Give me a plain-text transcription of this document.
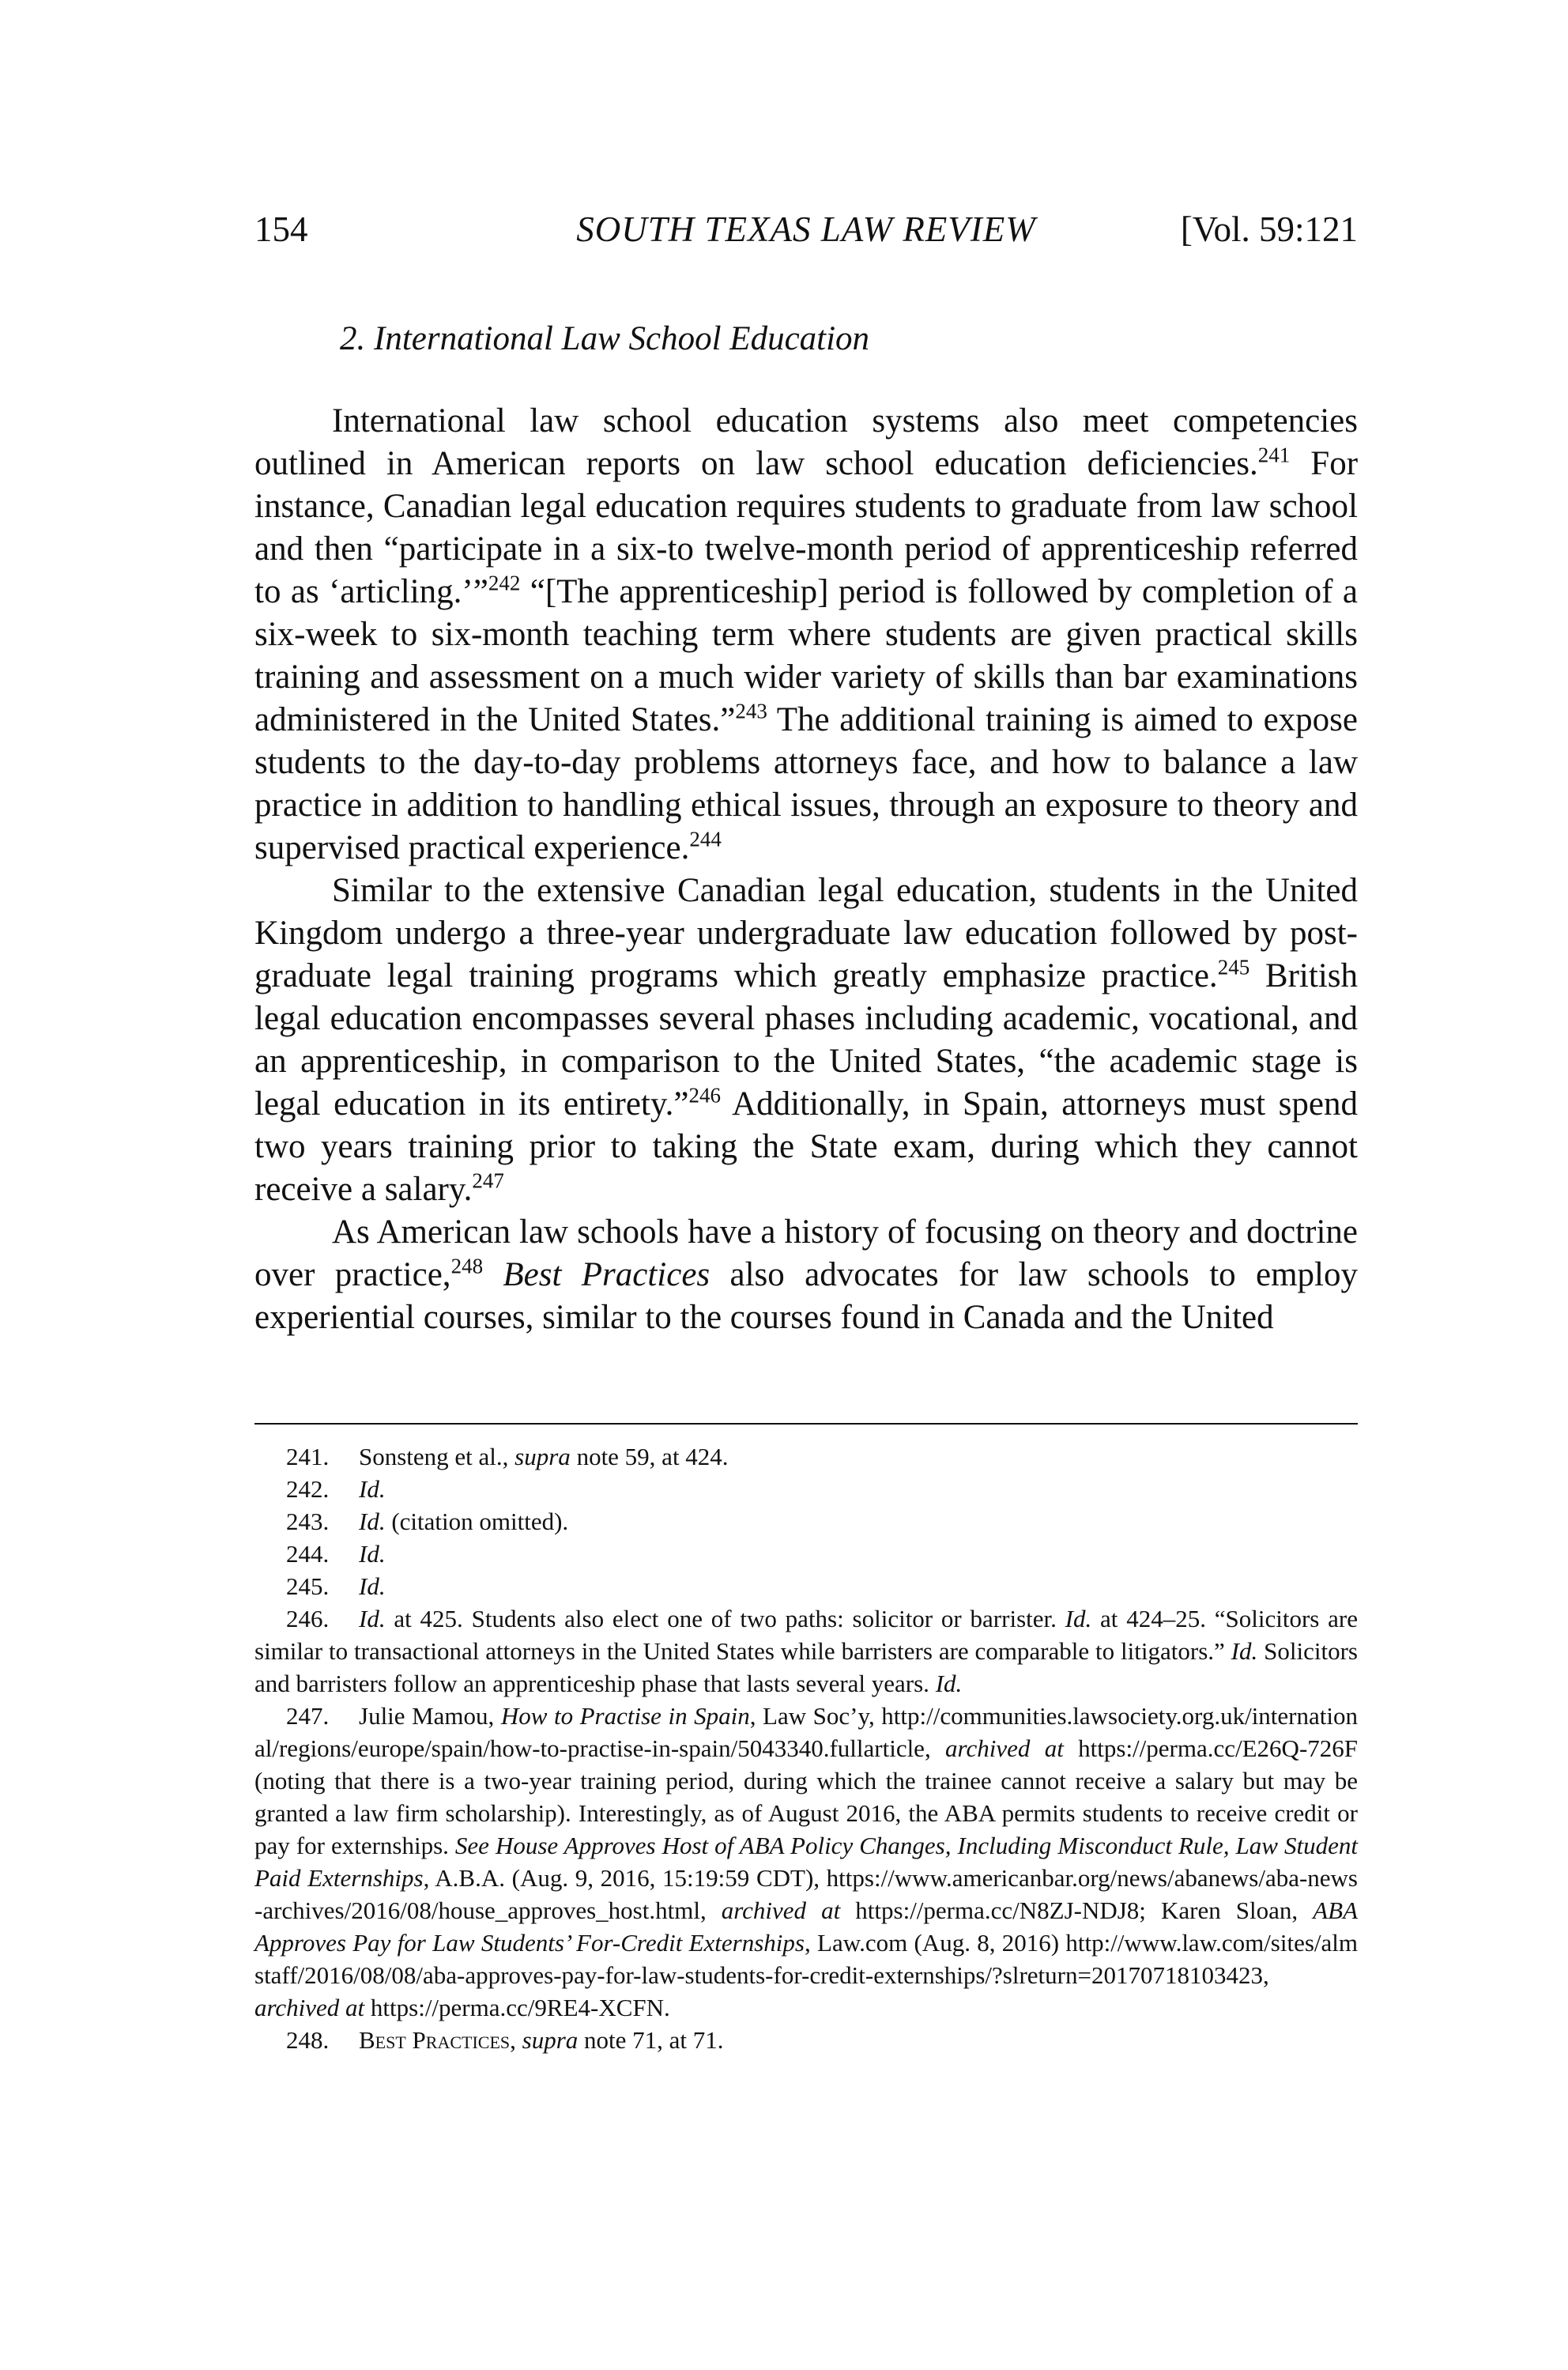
154	SOUTH TEXAS LAW REVIEW	[Vol. 59:121
2. International Law School Education

International law school education systems also meet competencies outlined in American reports on law school education deficiencies.$^{241}$ For instance, Canadian legal education requires students to graduate from law school and then “participate in a six-to twelve-month period of apprenticeship referred to as ‘articling.’”$^{242}$ “[The apprenticeship] period is followed by completion of a six-week to six-month teaching term where students are given practical skills training and assessment on a much wider variety of skills than bar examinations administered in the United States.”$^{243}$ The additional training is aimed to expose students to the day-to-day problems attorneys face, and how to balance a law practice in addition to handling ethical issues, through an exposure to theory and supervised practical experience.$^{244}$

Similar to the extensive Canadian legal education, students in the United Kingdom undergo a three-year undergraduate law education followed by post-graduate legal training programs which greatly emphasize practice.$^{245}$ British legal education encompasses several phases including academic, vocational, and an apprenticeship, in comparison to the United States, “the academic stage is legal education in its entirety.”$^{246}$ Additionally, in Spain, attorneys must spend two years training prior to taking the State exam, during which they cannot receive a salary.$^{247}$

As American law schools have a history of focusing on theory and doctrine over practice,$^{248}$ Best Practices also advocates for law schools to employ experiential courses, similar to the courses found in Canada and the United

241. Sonsteng et al., supra note 59, at 424.

242. Id.

243. Id. (citation omitted).

244. Id.

245. Id.

246. Id. at 425. Students also elect one of two paths: solicitor or barrister. Id. at 424–25. “Solicitors are similar to transactional attorneys in the United States while barristers are comparable to litigators.” Id. Solicitors and barristers follow an apprenticeship phase that lasts several years. Id.

247. Julie Mamou, How to Practise in Spain, Law Soc’y, http://communities.lawsociety.org.uk/international/regions/europe/spain/how-to-practise-in-spain/5043340.fullarticle, archived at https://perma.cc/E26Q-726F (noting that there is a two-year training period, during which the trainee cannot receive a salary but may be granted a law firm scholarship). Interestingly, as of August 2016, the ABA permits students to receive credit or pay for externships. See House Approves Host of ABA Policy Changes, Including Misconduct Rule, Law Student Paid Externships, A.B.A. (Aug. 9, 2016, 15:19:59 CDT), https://www.americanbar.org/news/abanews/aba-news-archives/2016/08/house_approves_host.html, archived at https://perma.cc/N8ZJ-NDJ8; Karen Sloan, ABA Approves Pay for Law Students’ For-Credit Externships, Law.com (Aug. 8, 2016) http://www.law.com/sites/almstaff/2016/08/08/aba-approves-pay-for-law-students-for-credit-externships/?slreturn=20170718103423, archived at https://perma.cc/9RE4-XCFN.

248. Best Practices, supra note 71, at 71.
